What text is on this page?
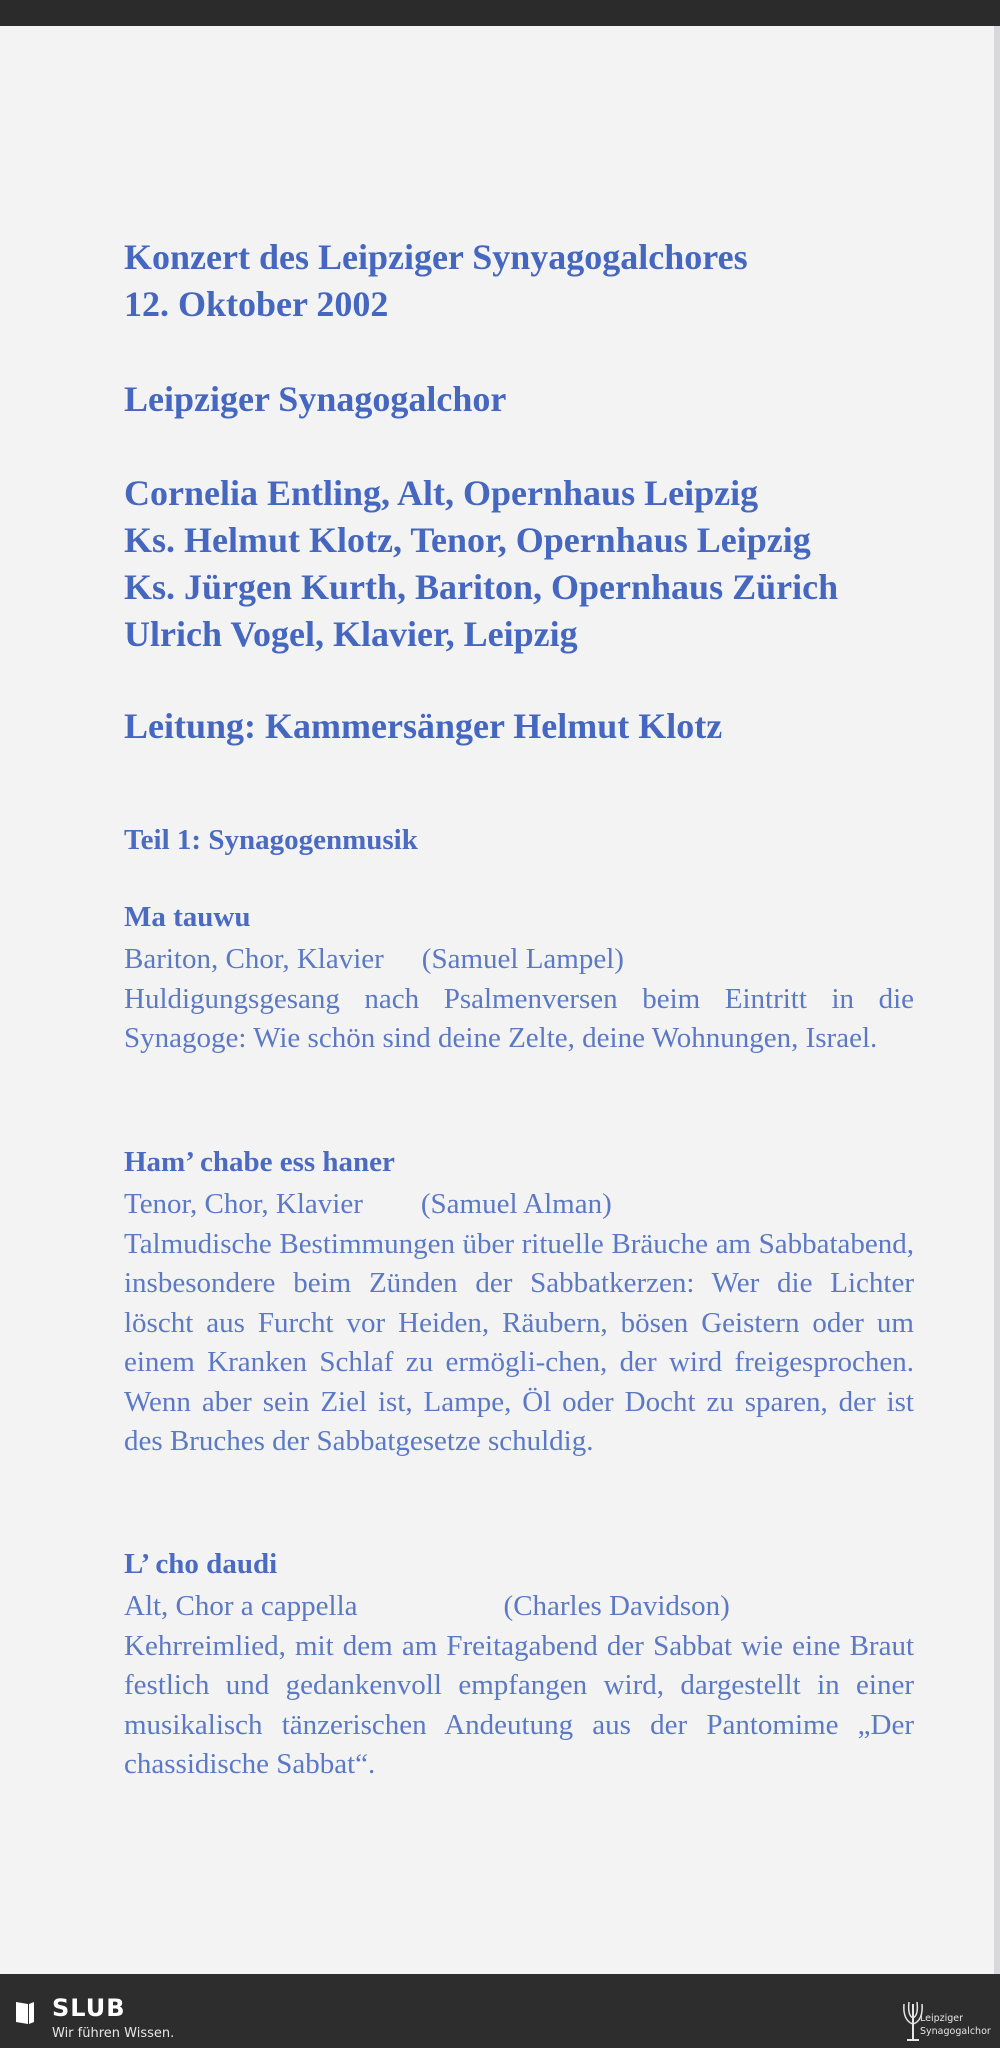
Konzert des Leipziger Synyagogalchores

12. Oktober 2002

Leipziger Synagogalchor

Cornelia Entling, Alt, Opernhaus Leipzig

Ks. Helmut Klotz, Tenor, Opernhaus Leipzig

Ks. Jürgen Kurth, Bariton, Opernhaus Zürich

Ulrich Vogel, Klavier, Leipzig

Leitung: Kammersänger Helmut Klotz

Teil 1: Synagogenmusik

Ma tauwu

Bariton, Chor, Klavier (Samuel Lampel)

Huldigungsgesang nach Psalmenversen beim Eintritt in die Synagoge: Wie schön sind deine Zelte, deine Wohnungen, Israel.

Ham’ chabe ess haner

Tenor, Chor, Klavier (Samuel Alman)

Talmudische Bestimmungen über rituelle Bräuche am Sabbatabend, insbesondere beim Zünden der Sabbatkerzen: Wer die Lichter löscht aus Furcht vor Heiden, Räubern, bösen Geistern oder um einem Kranken Schlaf zu ermögli-chen, der wird freigesprochen. Wenn aber sein Ziel ist, Lampe, Öl oder Docht zu sparen, der ist des Bruches der Sabbatgesetze schuldig.

L’ cho daudi

Alt, Chor a cappella	(Charles Davidson)

Kehrreimlied, mit dem am Freitagabend der Sabbat wie eine Braut festlich und gedankenvoll empfangen wird, dargestellt in einer musikalisch tänzerischen Andeutung aus der Pantomime „Der chassidische Sabbat“.

SLUB
Wir führen Wissen.
Leipziger
Synagogalchor
